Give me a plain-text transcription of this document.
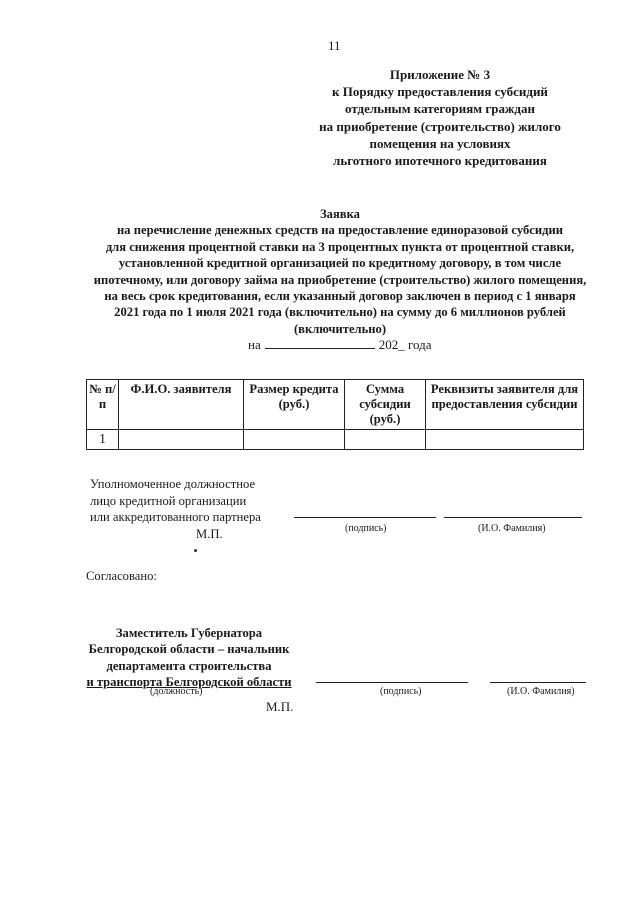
11
Приложение № 3
к Порядку предоставления субсидий
отдельным категориям граждан
на приобретение (строительство) жилого
помещения на условиях
льготного ипотечного кредитования
Заявка
на перечисление денежных средств на предоставление единоразовой субсидии
для снижения процентной ставки на 3 процентных пункта от процентной ставки,
установленной кредитной организацией по кредитному договору, в том числе
ипотечному, или договору займа на приобретение (строительство) жилого помещения,
на весь срок кредитования, если указанный договор заключен в период с 1 января
2021 года по 1 июля 2021 года (включительно) на сумму до 6 миллионов рублей
(включительно)
на	202_ года
№ п/п	Ф.И.О. заявителя	Размер кредита (руб.)	Сумма субсидии (руб.)	Реквизиты заявителя для предоставления субсидии
1				
Уполномоченное должностное
лицо кредитной организации
или аккредитованного партнера
М.П.	(подпись)	(И.О. Фамилия)
Согласовано:
Заместитель Губернатора
Белгородской области – начальник
департамента строительства
и транспорта Белгородской области
(должность)	(подпись)	(И.О. Фамилия)
М.П.
